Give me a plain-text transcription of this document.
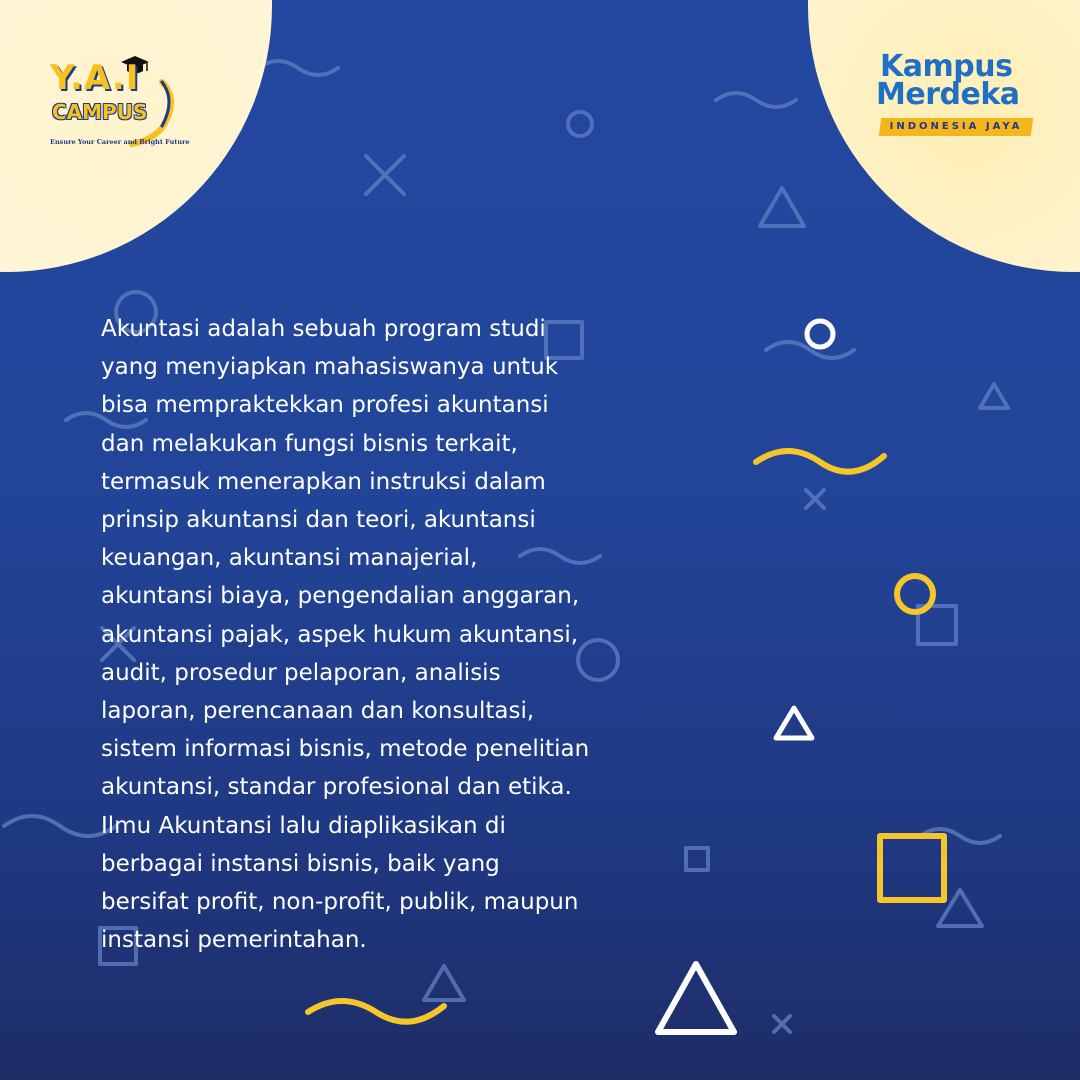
Y.A.I
CAMPUS
Ensure Your Career and Bright Future
Kampus
Merdeka
INDONESIA JAYA
Akuntasi adalah sebuah program studi
yang menyiapkan mahasiswanya untuk
bisa mempraktekkan profesi akuntansi
dan melakukan fungsi bisnis terkait,
termasuk menerapkan instruksi dalam
prinsip akuntansi dan teori, akuntansi
keuangan, akuntansi manajerial,
akuntansi biaya, pengendalian anggaran,
akuntansi pajak, aspek hukum akuntansi,
audit, prosedur pelaporan, analisis
laporan, perencanaan dan konsultasi,
sistem informasi bisnis, metode penelitian
akuntansi, standar profesional dan etika.
Ilmu Akuntansi lalu diaplikasikan di
berbagai instansi bisnis, baik yang
bersifat profit, non-profit, publik, maupun
instansi pemerintahan.
